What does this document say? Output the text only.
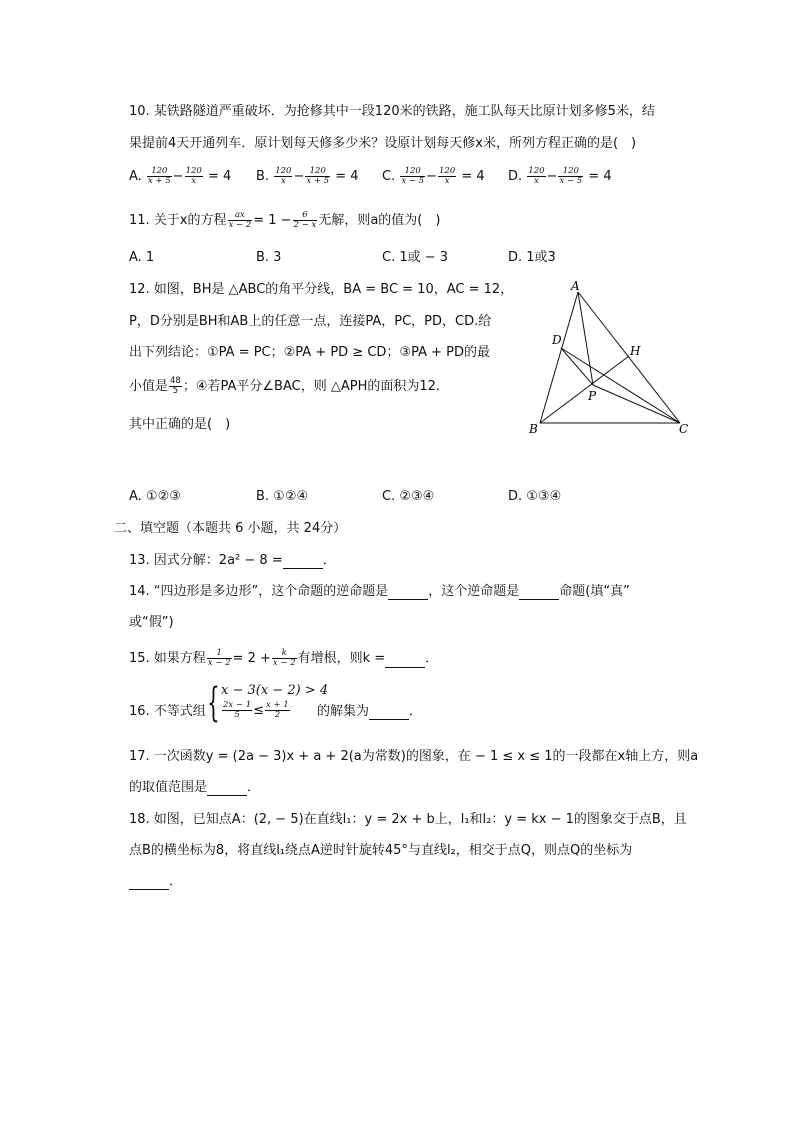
10. 某铁路隧道严重破坏．为抢修其中一段120米的铁路，施工队每天比原计划多修5米，结
果提前4天开通列车．原计划每天修多少米？设原计划每天修x米，所列方程正确的是(　)
A. $\frac{120}{x + 5} - \frac{120}{x} = 4$ B. $\frac{120}{x} - \frac{120}{x + 5} = 4$ C. $\frac{120}{x - 5} - \frac{120}{x} = 4$ D. $\frac{120}{x} - \frac{120}{x - 5} = 4$
11. 关于x的方程 $\frac{ax}{x - 2} = 1 - \frac{6}{2 - x}$ 无解，则a的值为(　)
A. 1	B. 3	C. 1或 − 3	D. 1或3
12. 如图，BH是 △ABC的角平分线，BA = BC = 10，AC = 12，
P，D分别是BH和AB上的任意一点，连接PA，PC，PD，CD.给
出下列结论：①PA = PC；②PA + PD ≥ CD；③PA + PD的最
小值是 $\frac{48}{5}$ ；④若PA平分∠BAC，则 △APH的面积为12．
其中正确的是(　)
A
B	C
D
H
P
A. ①②③	B. ①②④	C. ②③④	D. ①③④
二、填空题（本题共 6 小题，共 24分）
13. 因式分解：2a² − 8 =	．
14. “四边形是多边形”，这个命题的逆命题是	，这个逆命题是	命题(填“真”
或“假”)
15. 如果方程 $\frac{1}{x - 2} = 2 + \frac{k}{x - 2}$ 有增根，则k =	．
16. 不等式组 { x − 3(x − 2) > 4
$\frac{2x - 1}{5} \le \frac{x + 1}{2}$ 的解集为	．
17. 一次函数y = (2a − 3)x + a + 2(a为常数)的图象，在 − 1 ≤ x ≤ 1的一段都在x轴上方，则a
的取值范围是	．
18. 如图，已知点A：(2, − 5)在直线l₁：y = 2x + b上，l₁和l₂：y = kx − 1的图象交于点B，且
点B的横坐标为8，将直线l₁绕点A逆时针旋转45°与直线l₂，相交于点Q，则点Q的坐标为
．
